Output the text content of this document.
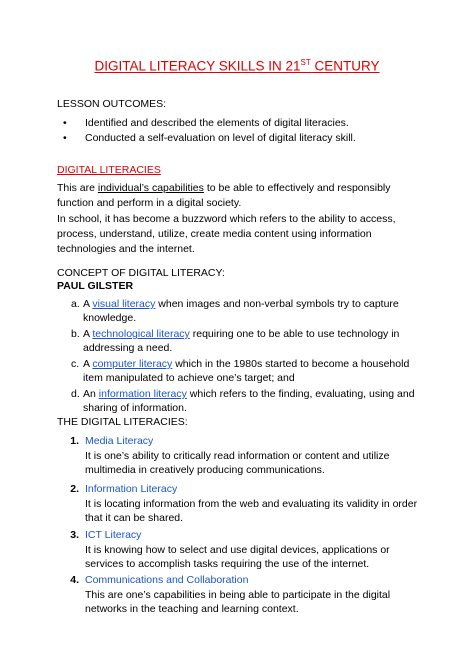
DIGITAL LITERACY SKILLS IN 21ST CENTURY
LESSON OUTCOMES:
• Identified and described the elements of digital literacies.
• Conducted a self-evaluation on level of digital literacy skill.
DIGITAL LITERACIES

This are individual’s capabilities to be able to effectively and responsibly function and perform in a digital society.

In school, it has become a buzzword which refers to the ability to access, process, understand, utilize, create media content using information technologies and the internet.

CONCEPT OF DIGITAL LITERACY:
PAUL GILSTER
a. A visual literacy when images and non-verbal symbols try to capture knowledge.
b. A technological literacy requiring one to be able to use technology in addressing a need.
c. A computer literacy which in the 1980s started to become a household item manipulated to achieve one’s target; and
d. An information literacy which refers to the finding, evaluating, using and sharing of information.
THE DIGITAL LITERACIES:
1. Media Literacy
It is one’s ability to critically read information or content and utilize multimedia in creatively producing communications.
2. Information Literacy
It is locating information from the web and evaluating its validity in order that it can be shared.
3. ICT Literacy
It is knowing how to select and use digital devices, applications or services to accomplish tasks requiring the use of the internet.
4. Communications and Collaboration
This are one’s capabilities in being able to participate in the digital networks in the teaching and learning context.
